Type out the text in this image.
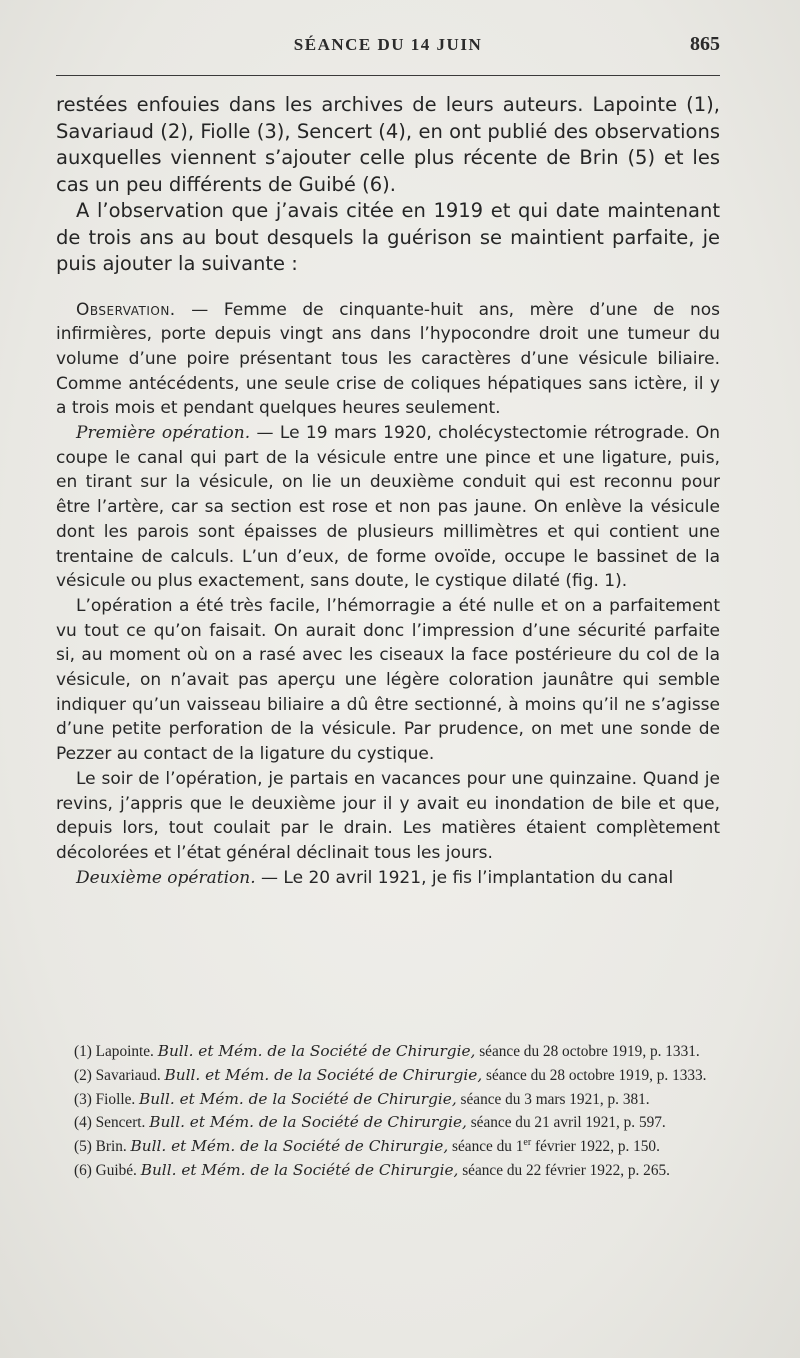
SÉANCE DU 14 JUIN	865

restées enfouies dans les archives de leurs auteurs. Lapointe (1), Savariaud (2), Fiolle (3), Sencert (4), en ont publié des observations auxquelles viennent s’ajouter celle plus récente de Brin (5) et les cas un peu différents de Guibé (6).

A l’observation que j’avais citée en 1919 et qui date maintenant de trois ans au bout desquels la guérison se maintient parfaite, je puis ajouter la suivante :

Observation. — Femme de cinquante-huit ans, mère d’une de nos infirmières, porte depuis vingt ans dans l’hypocondre droit une tumeur du volume d’une poire présentant tous les caractères d’une vésicule biliaire. Comme antécédents, une seule crise de coliques hépatiques sans ictère, il y a trois mois et pendant quelques heures seulement.

Première opération. — Le 19 mars 1920, cholécystectomie rétrograde. On coupe le canal qui part de la vésicule entre une pince et une ligature, puis, en tirant sur la vésicule, on lie un deuxième conduit qui est reconnu pour être l’artère, car sa section est rose et non pas jaune. On enlève la vésicule dont les parois sont épaisses de plusieurs millimètres et qui contient une trentaine de calculs. L’un d’eux, de forme ovoïde, occupe le bassinet de la vésicule ou plus exactement, sans doute, le cystique dilaté (fig. 1).

L’opération a été très facile, l’hémorragie a été nulle et on a parfaitement vu tout ce qu’on faisait. On aurait donc l’impression d’une sécurité parfaite si, au moment où on a rasé avec les ciseaux la face postérieure du col de la vésicule, on n’avait pas aperçu une légère coloration jaunâtre qui semble indiquer qu’un vaisseau biliaire a dû être sectionné, à moins qu’il ne s’agisse d’une petite perforation de la vésicule. Par prudence, on met une sonde de Pezzer au contact de la ligature du cystique.

Le soir de l’opération, je partais en vacances pour une quinzaine. Quand je revins, j’appris que le deuxième jour il y avait eu inondation de bile et que, depuis lors, tout coulait par le drain. Les matières étaient complètement décolorées et l’état général déclinait tous les jours.

Deuxième opération. — Le 20 avril 1921, je fis l’implantation du canal

(1) Lapointe. Bull. et Mém. de la Société de Chirurgie, séance du 28 octobre 1919, p. 1331.

(2) Savariaud. Bull. et Mém. de la Société de Chirurgie, séance du 28 octobre 1919, p. 1333.

(3) Fiolle. Bull. et Mém. de la Société de Chirurgie, séance du 3 mars 1921, p. 381.

(4) Sencert. Bull. et Mém. de la Société de Chirurgie, séance du 21 avril 1921, p. 597.

(5) Brin. Bull. et Mém. de la Société de Chirurgie, séance du 1er février 1922, p. 150.

(6) Guibé. Bull. et Mém. de la Société de Chirurgie, séance du 22 février 1922, p. 265.
